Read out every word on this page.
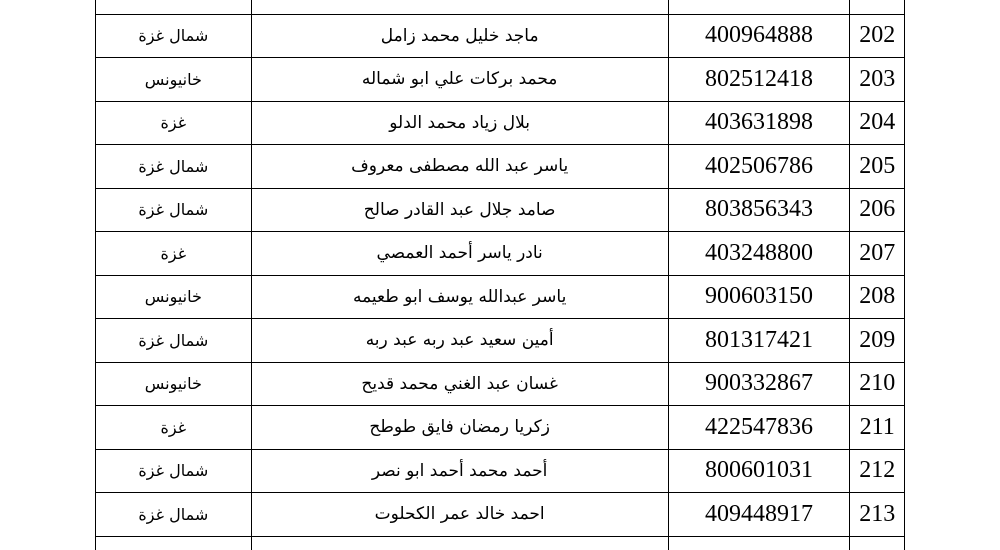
شمال غزة	ماجد خليل محمد زامل	400964888	202
خانيونس	محمد بركات علي ابو شماله	802512418	203
غزة	بلال زياد محمد الدلو	403631898	204
شمال غزة	ياسر عبد الله مصطفى معروف	402506786	205
شمال غزة	صامد جلال عبد القادر صالح	803856343	206
غزة	نادر ياسر أحمد العمصي	403248800	207
خانيونس	ياسر عبدالله يوسف ابو طعيمه	900603150	208
شمال غزة	أمين سعيد عبد ربه عبد ربه	801317421	209
خانيونس	غسان عبد الغني محمد قديح	900332867	210
غزة	زكريا رمضان فايق طوطح	422547836	211
شمال غزة	أحمد محمد أحمد ابو نصر	800601031	212
شمال غزة	احمد خالد عمر الكحلوت	409448917	213
